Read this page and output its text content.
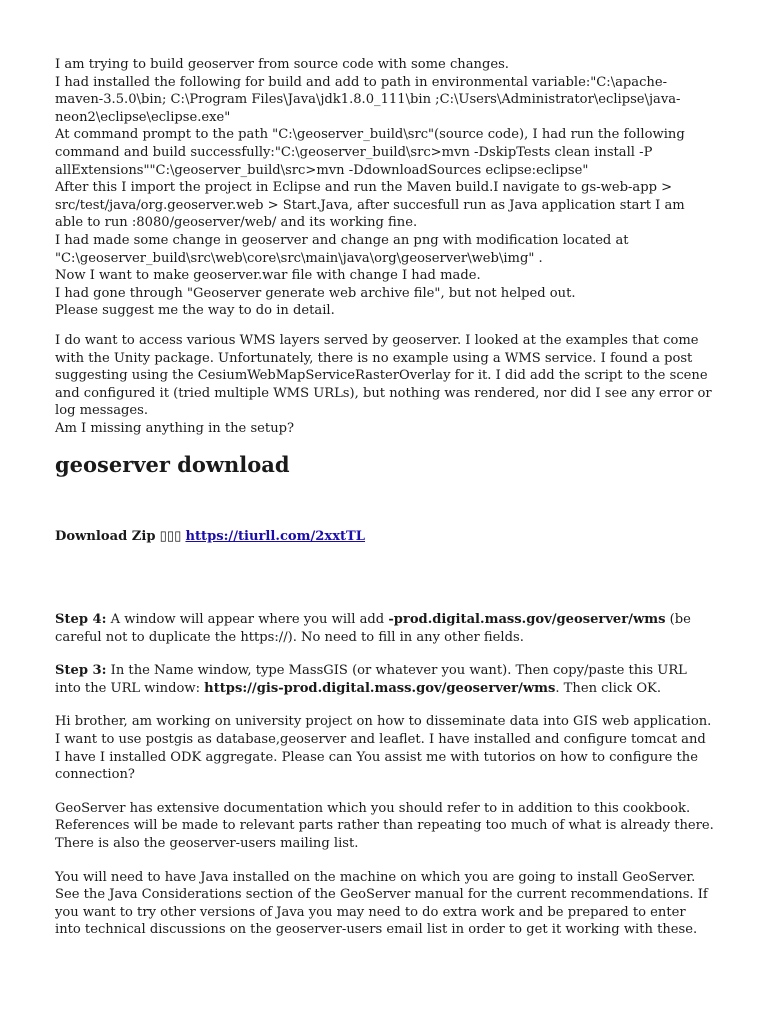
I am trying to build geoserver from source code with some changes.
I had installed the following for build and add to path in environmental variable:"C:\apache-maven-3.5.0\bin; C:\Program Files\Java\jdk1.8.0_111\bin ;C:\Users\Administrator\eclipse\java-neon2\eclipse\eclipse.exe"
At command prompt to the path "C:\geoserver_build\src"(source code), I had run the following command and build successfully:"C:\geoserver_build\src>mvn -DskipTests clean install -P allExtensions""C:\geoserver_build\src>mvn -DdownloadSources eclipse:eclipse"
After this I import the project in Eclipse and run the Maven build.I navigate to gs-web-app > src/test/java/org.geoserver.web > Start.Java, after succesfull run as Java application start I am able to run :8080/geoserver/web/ and its working fine.
I had made some change in geoserver and change an png with modification located at "C:\geoserver_build\src\web\core\src\main\java\org\geoserver\web\img" .
Now I want to make geoserver.war file with change I had made.
I had gone through "Geoserver generate web archive file", but not helped out.
Please suggest me the way to do in detail.

I do want to access various WMS layers served by geoserver. I looked at the examples that come with the Unity package. Unfortunately, there is no example using a WMS service. I found a post suggesting using the CesiumWebMapServiceRasterOverlay for it. I did add the script to the scene and configured it (tried multiple WMS URLs), but nothing was rendered, nor did I see any error or log messages.
Am I missing anything in the setup?

geoserver download

Download Zip ▯▯▯ https://tiurll.com/2xxtTL

Step 4: A window will appear where you will add -prod.digital.mass.gov/geoserver/wms (be careful not to duplicate the https://). No need to fill in any other fields.

Step 3: In the Name window, type MassGIS (or whatever you want). Then copy/paste this URL into the URL window: https://gis-prod.digital.mass.gov/geoserver/wms. Then click OK.

Hi brother, am working on university project on how to disseminate data into GIS web application. I want to use postgis as database,geoserver and leaflet. I have installed and configure tomcat and I have I installed ODK aggregate. Please can You assist me with tutorios on how to configure the connection?

GeoServer has extensive documentation which you should refer to in addition to this cookbook. References will be made to relevant parts rather than repeating too much of what is already there. There is also the geoserver-users mailing list.

You will need to have Java installed on the machine on which you are going to install GeoServer. See the Java Considerations section of the GeoServer manual for the current recommendations. If you want to try other versions of Java you may need to do extra work and be prepared to enter into technical discussions on the geoserver-users email list in order to get it working with these.
